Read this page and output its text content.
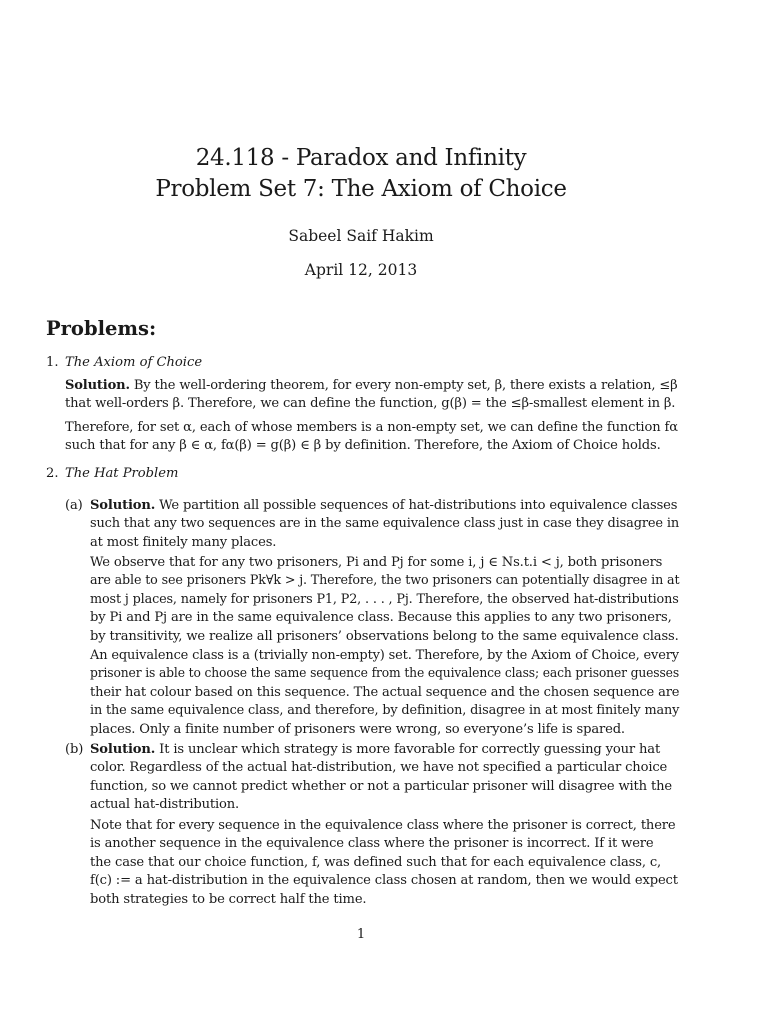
24.118 - Paradox and Infinity
Problem Set 7: The Axiom of Choice
Sabeel Saif Hakim
April 12, 2013
Problems:
1. The Axiom of Choice
Solution. By the well-ordering theorem, for every non-empty set, β, there exists a relation, ≤β
that well-orders β. Therefore, we can define the function, g(β) = the ≤β-smallest element in β.
Therefore, for set α, each of whose members is a non-empty set, we can define the function fα
such that for any β ∈ α, fα(β) = g(β) ∈ β by definition. Therefore, the Axiom of Choice holds.
2. The Hat Problem
(a) Solution. We partition all possible sequences of hat-distributions into equivalence classes
such that any two sequences are in the same equivalence class just in case they disagree in
at most finitely many places.
We observe that for any two prisoners, Pi and Pj for some i, j ∈ Ns.t.i < j, both prisoners
are able to see prisoners Pk∀k > j. Therefore, the two prisoners can potentially disagree in at
most j places, namely for prisoners P1, P2, . . . , Pj. Therefore, the observed hat-distributions
by Pi and Pj are in the same equivalence class. Because this applies to any two prisoners,
by transitivity, we realize all prisoners’ observations belong to the same equivalence class.
An equivalence class is a (trivially non-empty) set. Therefore, by the Axiom of Choice, every
prisoner is able to choose the same sequence from the equivalence class; each prisoner guesses
their hat colour based on this sequence. The actual sequence and the chosen sequence are
in the same equivalence class, and therefore, by definition, disagree in at most finitely many
places. Only a finite number of prisoners were wrong, so everyone’s life is spared.
(b) Solution. It is unclear which strategy is more favorable for correctly guessing your hat
color. Regardless of the actual hat-distribution, we have not specified a particular choice
function, so we cannot predict whether or not a particular prisoner will disagree with the
actual hat-distribution.
Note that for every sequence in the equivalence class where the prisoner is correct, there
is another sequence in the equivalence class where the prisoner is incorrect. If it were
the case that our choice function, f, was defined such that for each equivalence class, c,
f(c) := a hat-distribution in the equivalence class chosen at random, then we would expect
both strategies to be correct half the time.
1
